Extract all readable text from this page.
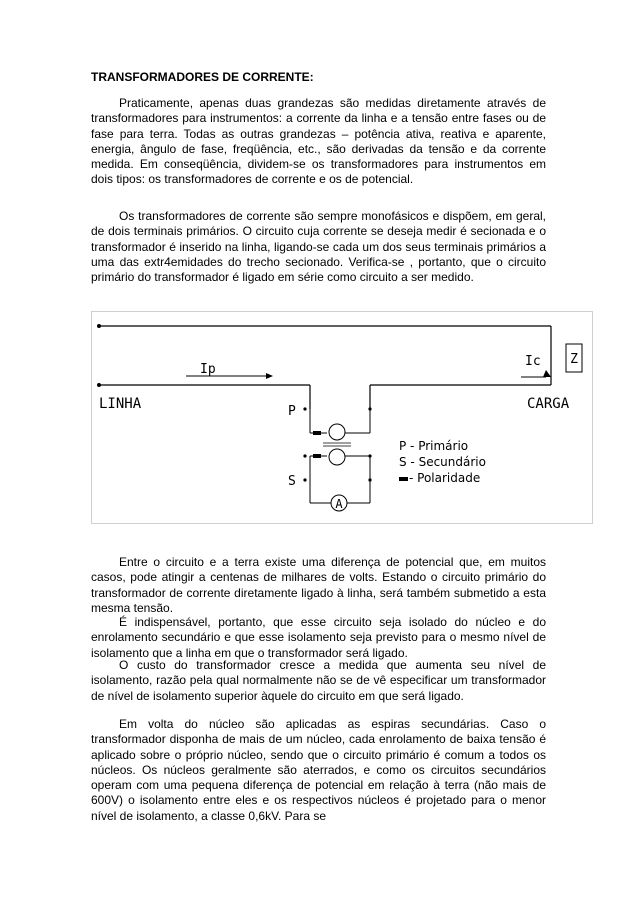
TRANSFORMADORES DE CORRENTE:

Praticamente, apenas duas grandezas são medidas diretamente através de transformadores para instrumentos: a corrente da linha e a tensão entre fases ou de fase para terra. Todas as outras grandezas – potência ativa, reativa e aparente, energia, ângulo de fase, freqüência, etc., são derivadas da tensão e da corrente medida. Em conseqüência, dividem-se os transformadores para instrumentos em dois tipos: os transformadores de corrente e os de potencial.

Os transformadores de corrente são sempre monofásicos e dispõem, em geral, de dois terminais primários. O circuito cuja corrente se deseja medir é secionada e o transformador é inserido na linha, ligando-se cada um dos seus terminais primários a uma das extr4emidades do trecho secionado. Verifica-se , portanto, que o circuito primário do transformador é ligado em série como circuito a ser medido.

Z
Ip
Ic
LINHA	CARGA
P
S
A
P - Primário
S - Secundário
- Polaridade

Entre o circuito e a terra existe uma diferença de potencial que, em muitos casos, pode atingir a centenas de milhares de volts. Estando o circuito primário do transformador de corrente diretamente ligado à linha, será também submetido a esta mesma tensão.

É indispensável, portanto, que esse circuito seja isolado do núcleo e do enrolamento secundário e que esse isolamento seja previsto para o mesmo nível de isolamento que a linha em que o transformador será ligado.

O custo do transformador cresce a medida que aumenta seu nível de isolamento, razão pela qual normalmente não se de vê especificar um transformador de nível de isolamento superior àquele do circuito em que será ligado.

Em volta do núcleo são aplicadas as espiras secundárias. Caso o transformador disponha de mais de um núcleo, cada enrolamento de baixa tensão é aplicado sobre o próprio núcleo, sendo que o circuito primário é comum a todos os núcleos. Os núcleos geralmente são aterrados, e como os circuitos secundários operam com uma pequena diferença de potencial em relação à terra (não mais de 600V) o isolamento entre eles e os respectivos núcleos é projetado para o menor nível de isolamento, a classe 0,6kV. Para se
